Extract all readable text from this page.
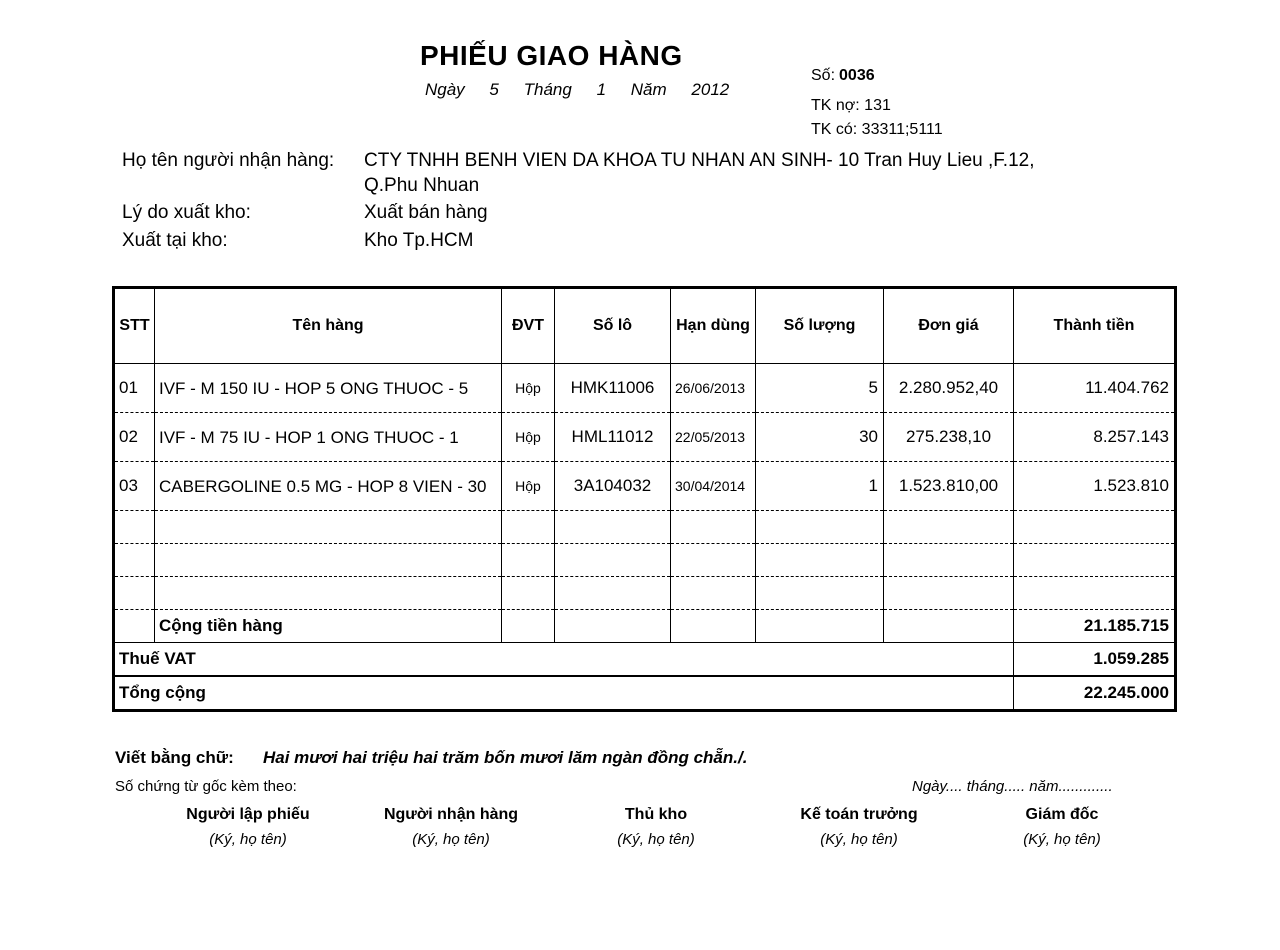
PHIẾU GIAO HÀNG
Ngày 5 Tháng 1 Năm 2012
Số: 0036
TK nợ: 131
TK có: 33311;5111
Họ tên người nhận hàng: CTY TNHH BENH VIEN DA KHOA TU NHAN AN SINH- 10 Tran Huy Lieu ,F.12,
Q.Phu Nhuan
Lý do xuất kho:	Xuất bán hàng
Xuất tại kho:	Kho Tp.HCM
STT	Tên hàng	ĐVT	Số lô	Hạn dùng	Số lượng	Đơn giá	Thành tiền
01	IVF - M 150 IU - HOP 5 ONG THUOC - 5	Hộp	HMK11006	26/06/2013	5	2.280.952,40	11.404.762
02	IVF - M 75 IU - HOP 1 ONG THUOC - 1	Hộp	HML11012	22/05/2013	30	275.238,10	8.257.143
03	CABERGOLINE 0.5 MG - HOP 8 VIEN - 30	Hộp	3A104032	30/04/2014	1	1.523.810,00	1.523.810

	Cộng tiền hàng						21.185.715
Thuế VAT							1.059.285
Tổng cộng							22.245.000
Viết bằng chữ: Hai mươi hai triệu hai trăm bốn mươi lăm ngàn đồng chẵn./.
Số chứng từ gốc kèm theo:	Ngày.... tháng..... năm.............
Người lập phiếu
(Ký, họ tên)
Người nhận hàng
(Ký, họ tên)
Thủ kho
(Ký, họ tên)
Kế toán trưởng
(Ký, họ tên)
Giám đốc
(Ký, họ tên)
